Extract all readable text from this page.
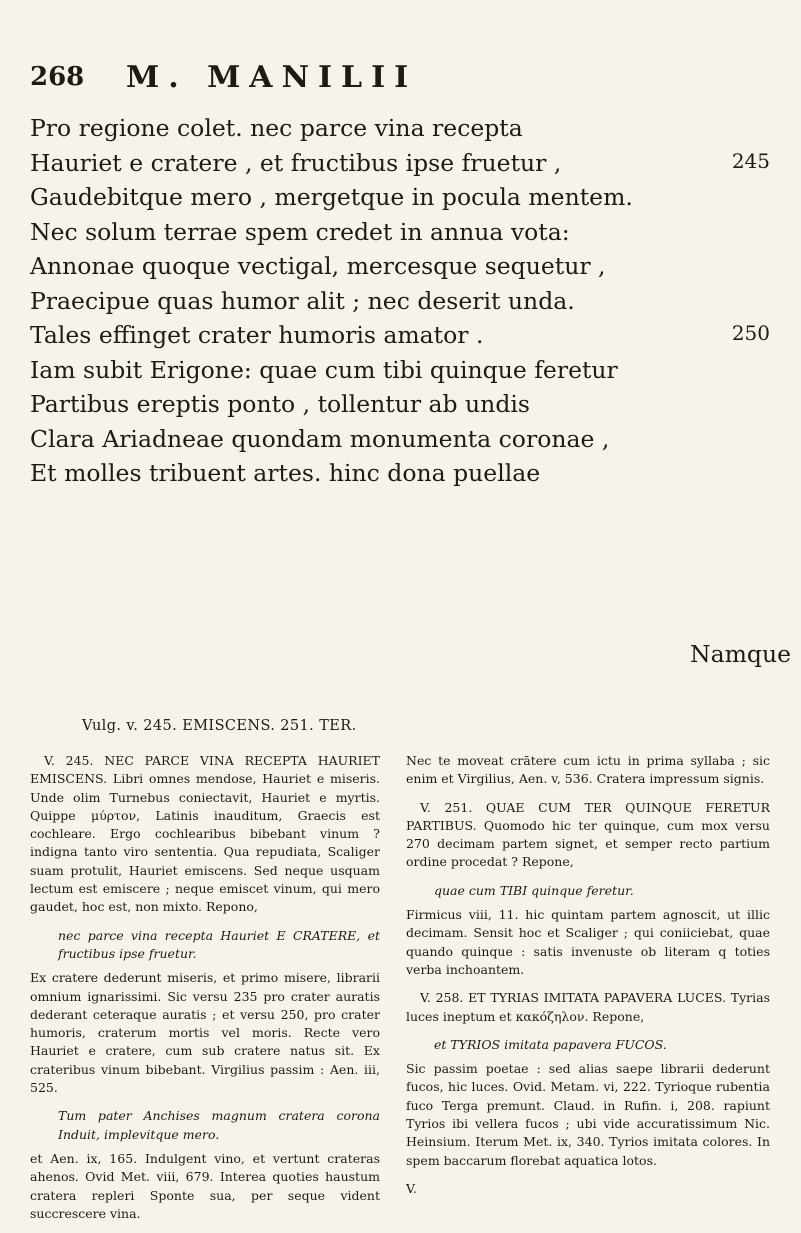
268 M. MANILII
Pro regione colet. nec parce vina recepta
Hauriet e cratere , et fructibus ipse fruetur ,	245
Gaudebitque mero , mergetque in pocula mentem.
Nec solum terrae spem credet in annua vota:
Annonae quoque vectigal, mercesque sequetur ,
Praecipue quas humor alit ; nec deserit unda.
Tales effinget crater humoris amator .	250
Iam subit Erigone: quae cum tibi quinque feretur
Partibus ereptis ponto , tollentur ab undis
Clara Ariadneae quondam monumenta coronae ,
Et molles tribuent artes. hinc dona puellae
Namque
Vulg. v. 245. EMISCENS. 251. TER.

V. 245. NEC PARCE VINA RECEPTA HAURIET EMISCENS. Libri omnes mendose, Hauriet e miseris. Unde olim Turnebus coniectavit, Hauriet e myrtis. Quippe μύρτον, Latinis inauditum, Graecis est cochleare. Ergo cochlearibus bibebant vinum ? indigna tanto viro sententia. Qua repudiata, Scaliger suam protulit, Hauriet emiscens. Sed neque usquam lectum est emiscere ; neque emiscet vinum, qui mero gaudet, hoc est, non mixto. Repono,

nec parce vina recepta Hauriet E CRATERE, et fructibus ipse fruetur.

Ex cratere dederunt miseris, et primo misere, librarii omnium ignarissimi. Sic versu 235 pro crater auratis dederant ceteraque auratis ; et versu 250, pro crater humoris, craterum mortis vel moris. Recte vero Hauriet e cratere, cum sub cratere natus sit. Ex crateribus vinum bibebant. Virgilius passim : Aen. iii, 525.

Tum pater Anchises magnum cratera corona Induit, implevitque mero.

et Aen. ix, 165. Indulgent vino, et vertunt crateras ahenos. Ovid Met. viii, 679. Interea quoties haustum cratera repleri Sponte sua, per seque vident succrescere vina.

Nec te moveat crātere cum ictu in prima syllaba ; sic enim et Virgilius, Aen. v, 536. Cratera impressum signis.

V. 251. QUAE CUM TER QUINQUE FERETUR PARTIBUS. Quomodo hic ter quinque, cum mox versu 270 decimam partem signet, et semper recto partium ordine procedat ? Repone,

quae cum TIBI quinque feretur.

Firmicus viii, 11. hic quintam partem agnoscit, ut illic decimam. Sensit hoc et Scaliger ; qui coniiciebat, quae quando quinque : satis invenuste ob literam q toties verba inchoantem.

V. 258. ET TYRIAS IMITATA PAPAVERA LUCES. Tyrias luces ineptum et κακόζηλον. Repone,

et TYRIOS imitata papavera FUCOS.

Sic passim poetae : sed alias saepe librarii dederunt fucos, hic luces. Ovid. Metam. vi, 222. Tyrioque rubentia fuco Terga premunt. Claud. in Rufin. i, 208. rapiunt Tyrios ibi vellera fucos ; ubi vide accuratissimum Nic. Heinsium. Iterum Met. ix, 340. Tyrios imitata colores. In spem baccarum florebat aquatica lotos.

V.
